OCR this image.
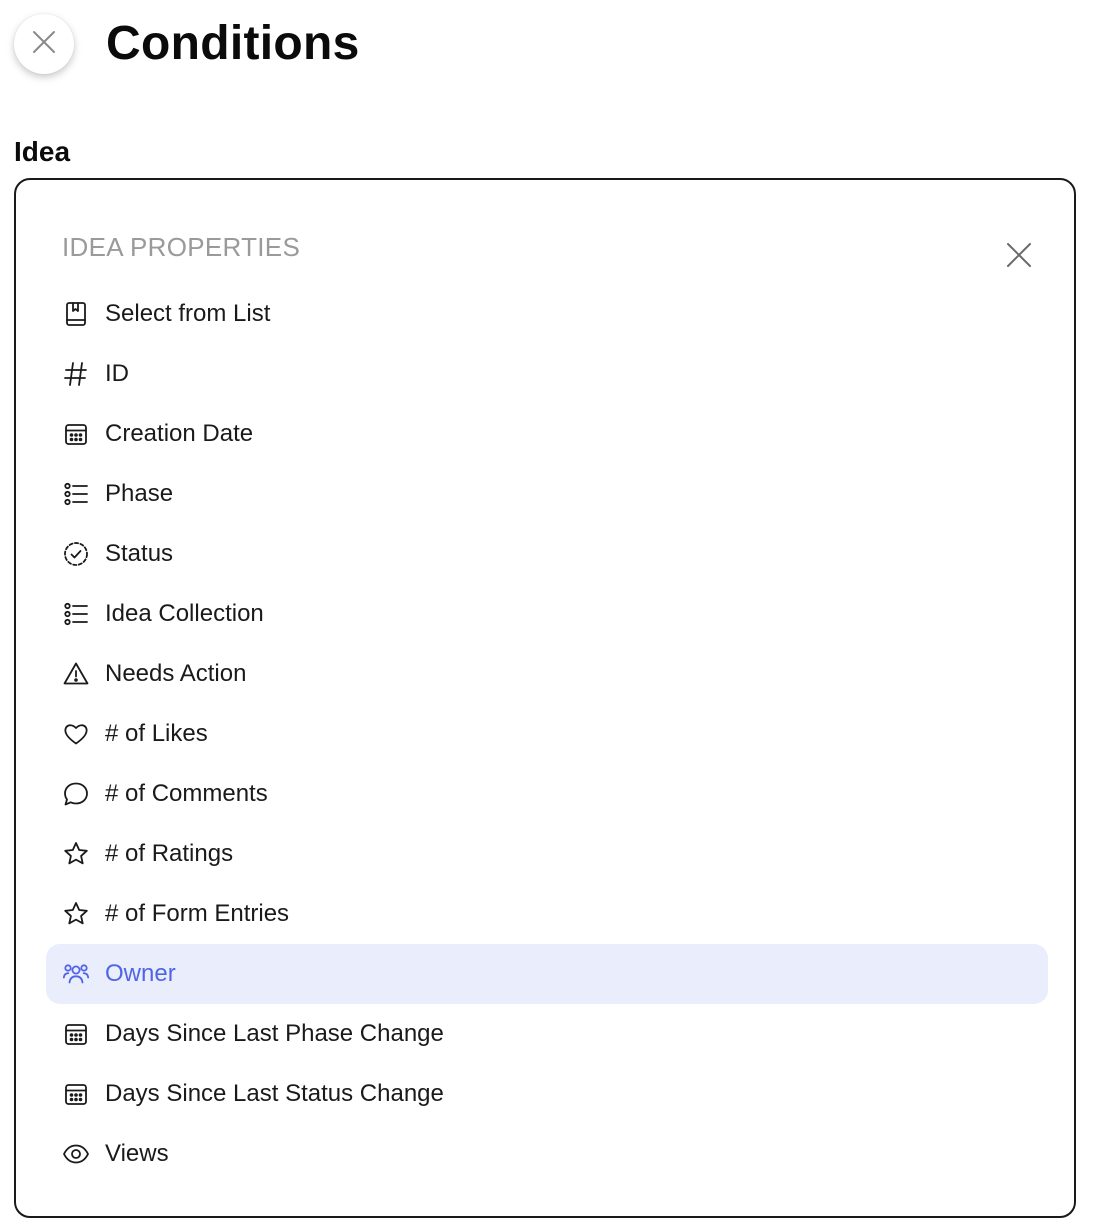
Conditions
Idea
IDEA PROPERTIES
Select from List
ID
Creation Date
Phase
Status
Idea Collection
Needs Action
# of Likes
# of Comments
# of Ratings
# of Form Entries
Owner
Days Since Last Phase Change
Days Since Last Status Change
Views
